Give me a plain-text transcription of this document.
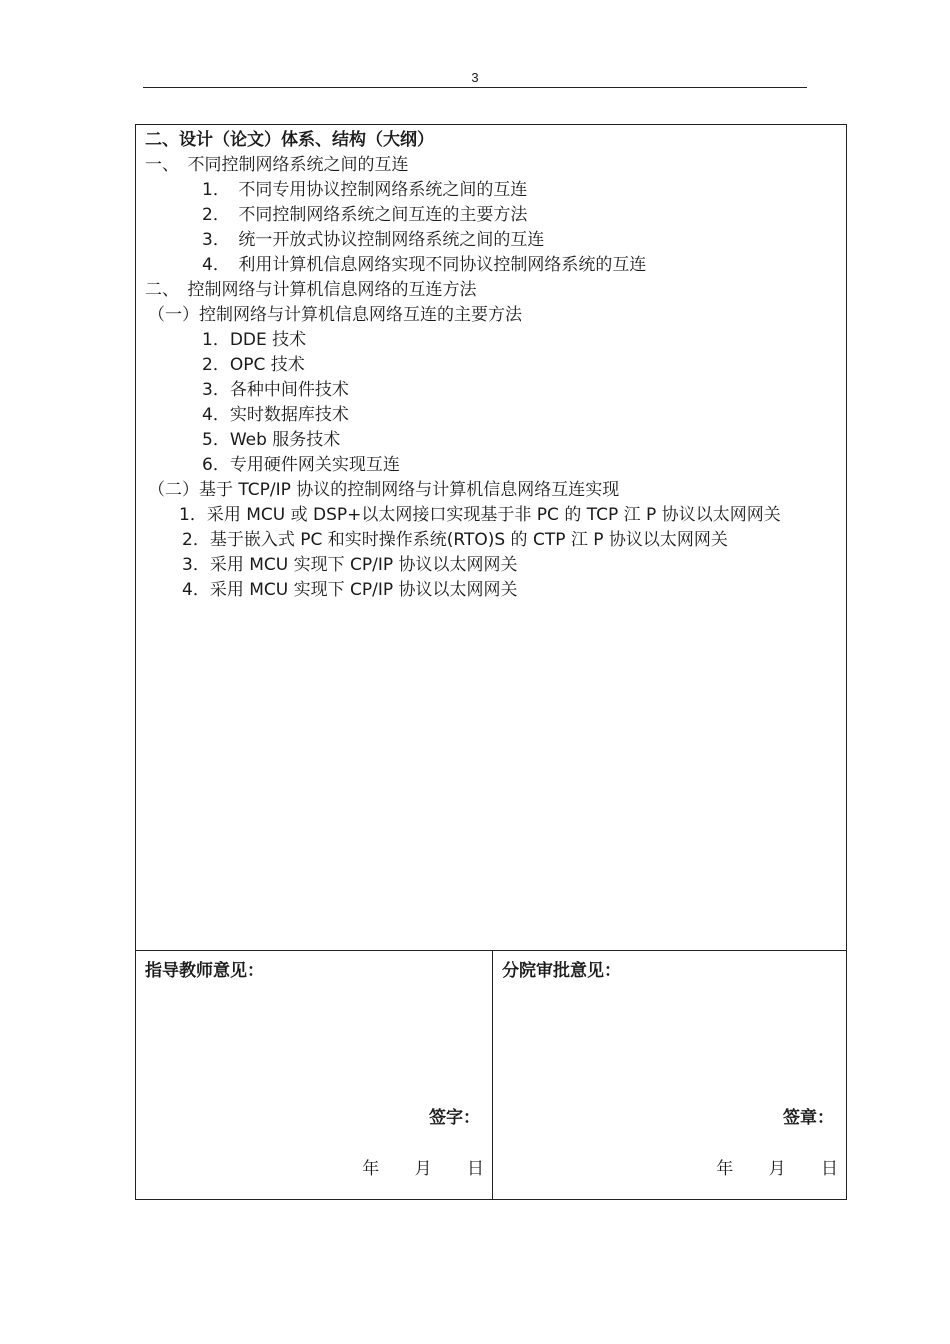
3
二、设计（论文）体系、结构（大纲）
一、　不同控制网络系统之间的互连
1．　不同专用协议控制网络系统之间的互连
2．　不同控制网络系统之间互连的主要方法
3．　统一开放式协议控制网络系统之间的互连
4．　利用计算机信息网络实现不同协议控制网络系统的互连
二、　控制网络与计算机信息网络的互连方法
（一）控制网络与计算机信息网络互连的主要方法
1．DDE 技术
2．OPC 技术
3．各种中间件技术
4．实时数据库技术
5．Web 服务技术
6．专用硬件网关实现互连
（二）基于 TCP/IP 协议的控制网络与计算机信息网络互连实现
1．采用 MCU 或 DSP+以太网接口实现基于非 PC 的 TCP 江 P 协议以太网网关
2．基于嵌入式 PC 和实时操作系统(RTO)S 的 CTP 江 P 协议以太网网关
3．采用 MCU 实现下 CP/IP 协议以太网网关
4．采用 MCU 实现下 CP/IP 协议以太网网关
指导教师意见：
签字：
年 月 日
分院审批意见：
签章：
年 月 日
